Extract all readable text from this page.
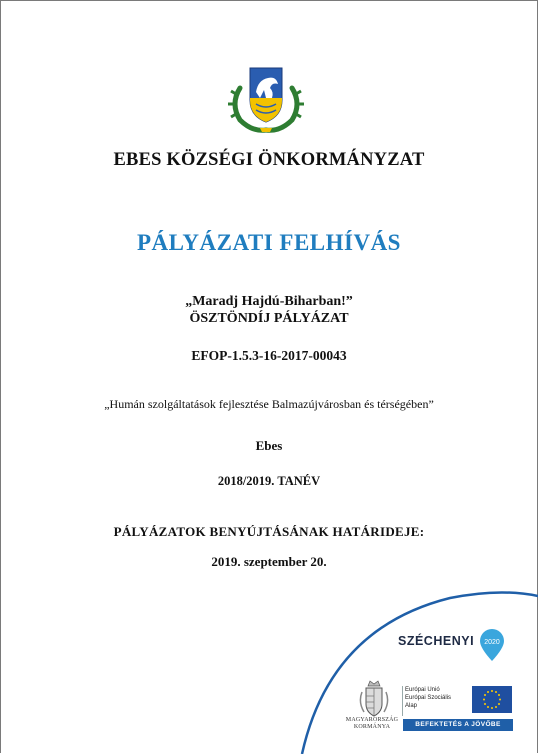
EBES KÖZSÉGI ÖNKORMÁNYZAT
PÁLYÁZATI FELHÍVÁS
„Maradj Hajdú-Biharban!”
ÖSZTÖNDÍJ PÁLYÁZAT
EFOP-1.5.3-16-2017-00043
„Humán szolgáltatások fejlesztése Balmazújvárosban és térségében”
Ebes
2018/2019. TANÉV
PÁLYÁZATOK BENYÚJTÁSÁNAK HATÁRIDEJE:
2019. szeptember 20.
SZÉCHENYI 2020
MAGYARORSZÁG
KORMÁNYA
Európai Unió
Európai Szociális
Alap
BEFEKTETÉS A JÖVŐBE
